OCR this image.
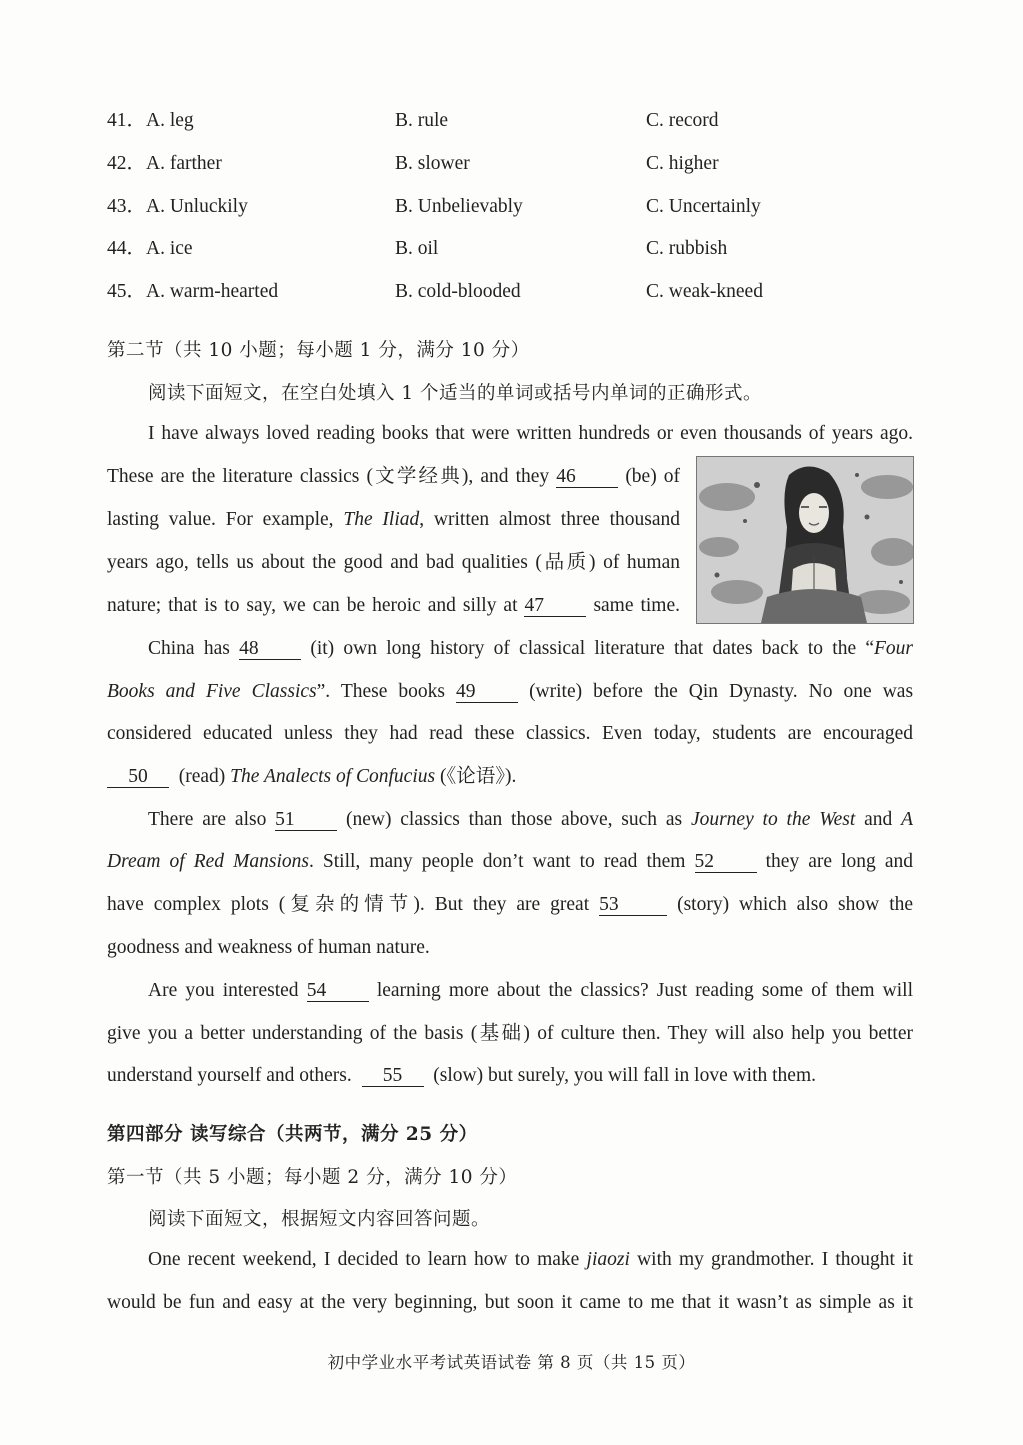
41．A. leg	B. rule	C. record
42．A. farther	B. slower	C. higher
43．A. Unluckily	B. Unbelievably	C. Uncertainly
44．A. ice	B. oil	C. rubbish
45．A. warm-hearted	B. cold-blooded	C. weak-kneed
第二节（共 10 小题；每小题 1 分，满分 10 分）
阅读下面短文，在空白处填入 1 个适当的单词或括号内单词的正确形式。
I have always loved reading books that were written hundreds or even thousands of years ago.
These are the literature classics (文学经典), and they 46	(be) of
lasting value. For example, The Iliad, written almost three thousand
years ago, tells us about the good and bad qualities (品质) of human
nature; that is to say, we can be heroic and silly at 47	same time.
China has 48	(it) own long history of classical literature that dates back to the “Four
Books and Five Classics”. These books 49	(write) before the Qin Dynasty. No one was
considered educated unless they had read these classics. Even today, students are encouraged
50 (read) The Analects of Confucius (《论语》).
There are also 51	(new) classics than those above, such as Journey to the West and A
Dream of Red Mansions. Still, many people don’t want to read them 52	they are long and
have complex plots (复杂的情节). But they are great 53	(story) which also show the
goodness and weakness of human nature.
Are you interested 54	learning more about the classics? Just reading some of them will
give you a better understanding of the basis (基础) of culture then. They will also help you better
understand yourself and others. 55 (slow) but surely, you will fall in love with them.
第四部分 读写综合（共两节，满分 25 分）
第一节（共 5 小题；每小题 2 分，满分 10 分）
阅读下面短文，根据短文内容回答问题。
One recent weekend, I decided to learn how to make jiaozi with my grandmother. I thought it
would be fun and easy at the very beginning, but soon it came to me that it wasn’t as simple as it
初中学业水平考试英语试卷 第 8 页（共 15 页）
